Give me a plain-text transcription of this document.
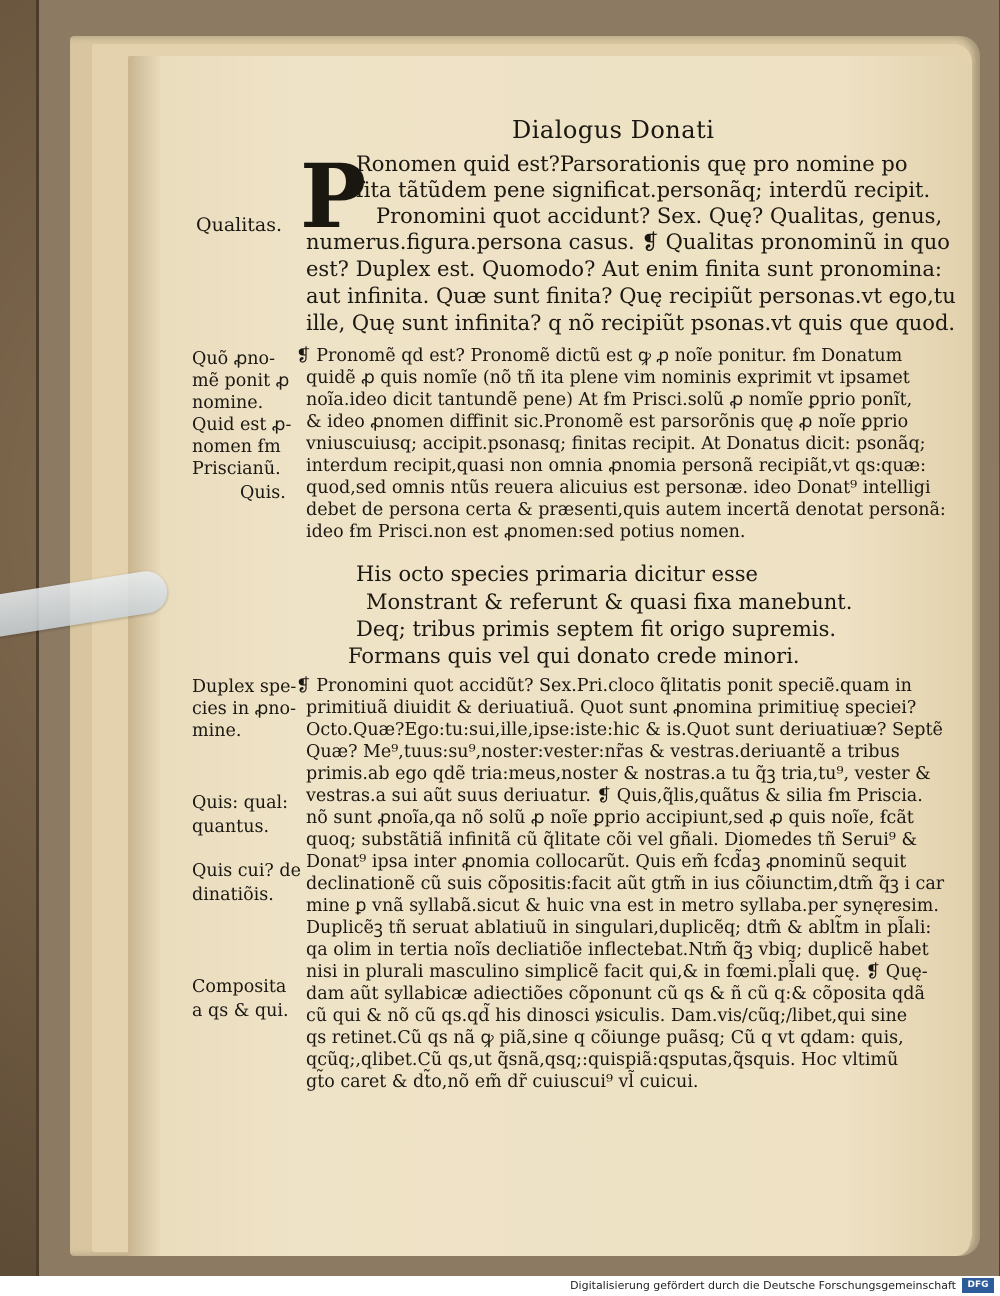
Dialogus Donati
P
Ronomen quid est?Parsorationis quę pro nomine po
ſita tãtũdem pene significat.personãq; interdũ recipit.
Pronomini quot accidunt? Sex. Quę? Qualitas, genus,
numerus.figura.persona casus. ❡ Qualitas pronominũ in quo
est? Duplex est. Quomodo? Aut enim finita sunt pronomina:
aut infinita. Quæ sunt finita? Quę recipiũt personas.vt ego,tu
ille, Quę sunt infinita? q nõ recipiũt psonas.vt quis que quod.
❡ Pronomẽ qd est? Pronomẽ dictũ est ꝙ ꝓ noĩe ponitur. ẜm Donatum
quidẽ ꝓ quis nomĩe (nõ tñ ita plene vim nominis exprimit vt ipsamet
noĩa.ideo dicit tantundẽ pene) At ẜm Prisci.solũ ꝓ nomĩe ꝑprio ponĩt,
& ideo ꝓnomen diffinit sic.Pronomẽ est parsorõnis quę ꝓ noĩe ꝑprio
vniuscuiusq; accipit.psonasq; finitas recipit. At Donatus dicit: psonãq;
interdum recipit,quasi non omnia ꝓnomia personã recipiãt,vt qs:quæ:
quod,sed omnis ntũs reuera alicuius est personæ. ideo Donat⁹ intelligi
debet de persona certa & præsenti,quis autem incertã denotat personã:
ideo ẜm Prisci.non est ꝓnomen:sed potius nomen.
His octo species primaria dicitur esse
Monstrant & referunt & quasi fixa manebunt.
Deq; tribus primis septem fit origo supremis.
Formans quis vel qui donato crede minori.
❡ Pronomini quot accidũt? Sex.Pri.cloco q̃litatis ponit speciẽ.quam in
primitiuã diuidit & deriuatiuã. Quot sunt ꝓnomina primitiuę speciei?
Octo.Quæ?Ego:tu:sui,ille,ipse:iste:hic & is.Quot sunt deriuatiuæ? Septẽ
Quæ? Me⁹,tuus:su⁹,noster:vester:nr̃as & vestras.deriuantẽ a tribus
primis.ab ego qdẽ tria:meus,noster & nostras.a tu q̃ꝫ tria,tu⁹, vester &
vestras.a sui aũt suus deriuatur. ❡ Quis,q̃lis,quãtus & silia ẜm Priscia.
nõ sunt ꝓnoĩa,qa nõ solũ ꝓ noĩe ꝑprio accipiunt,sed ꝓ quis noĩe, ẜcãt
quoq; substãtiã infinitã cũ q̃litate cõi vel gñali. Diomedes tñ Serui⁹ &
Donat⁹ ipsa inter ꝓnomia collocarũt. Quis em̃ ẜcd̃aꝫ ꝓnominũ sequit
declinationẽ cũ suis cõpositis:facit aũt gtm̃ in ius cõiunctim,dtm̃ q̃ꝫ i car
mine ꝑ vnã syllabã.sicut & huic vna est in metro syllaba.per synęresim.
Duplicẽꝫ tñ seruat ablatiuũ in singulari,duplicẽq; dtm̃ & ablt̃m in pl̃ali:
qa olim in tertia noĩs decliatiõe inflectebat.Ntm̃ q̃ꝫ vbiq; duplicẽ habet
nisi in plurali masculino simplicẽ facit qui,& in fœmi.pl̃ali quę. ❡ Quę-
dam aũt syllabicæ adiectiões cõponunt cũ qs & ñ cũ q:& cõposita qdã
cũ qui & nõ cũ qs.qd̃ his dinosci ꝟsiculis. Dam.vis/cũq;/libet,qui sine
qs retinet.Cũ qs nã ꝙ piã,sine q cõiunge puãsq; Cũ q vt qdam: quis,
qcũq;,qlibet.Cũ qs,ut q̃snã,qsq;:quispiã:qsputas,q̃squis. Hoc vltimũ
gt̃o caret & dt̃o,nõ em̃ dr̃ cuiuscui⁹ vl̃ cuicui.
Qualitas.
Quõ ꝓno-
mẽ ponit ꝓ
nomine.
Quid est ꝓ-
nomen ẜm
Priscianũ.
Quis.
Duplex spe-
cies in ꝓno-
mine.
Quis: qual:
quantus.
Quis cui? de
dinatiõis.
Composita
a qs & qui.
Digitalisierung gefördert durch die Deutsche Forschungsgemeinschaft	DFG
